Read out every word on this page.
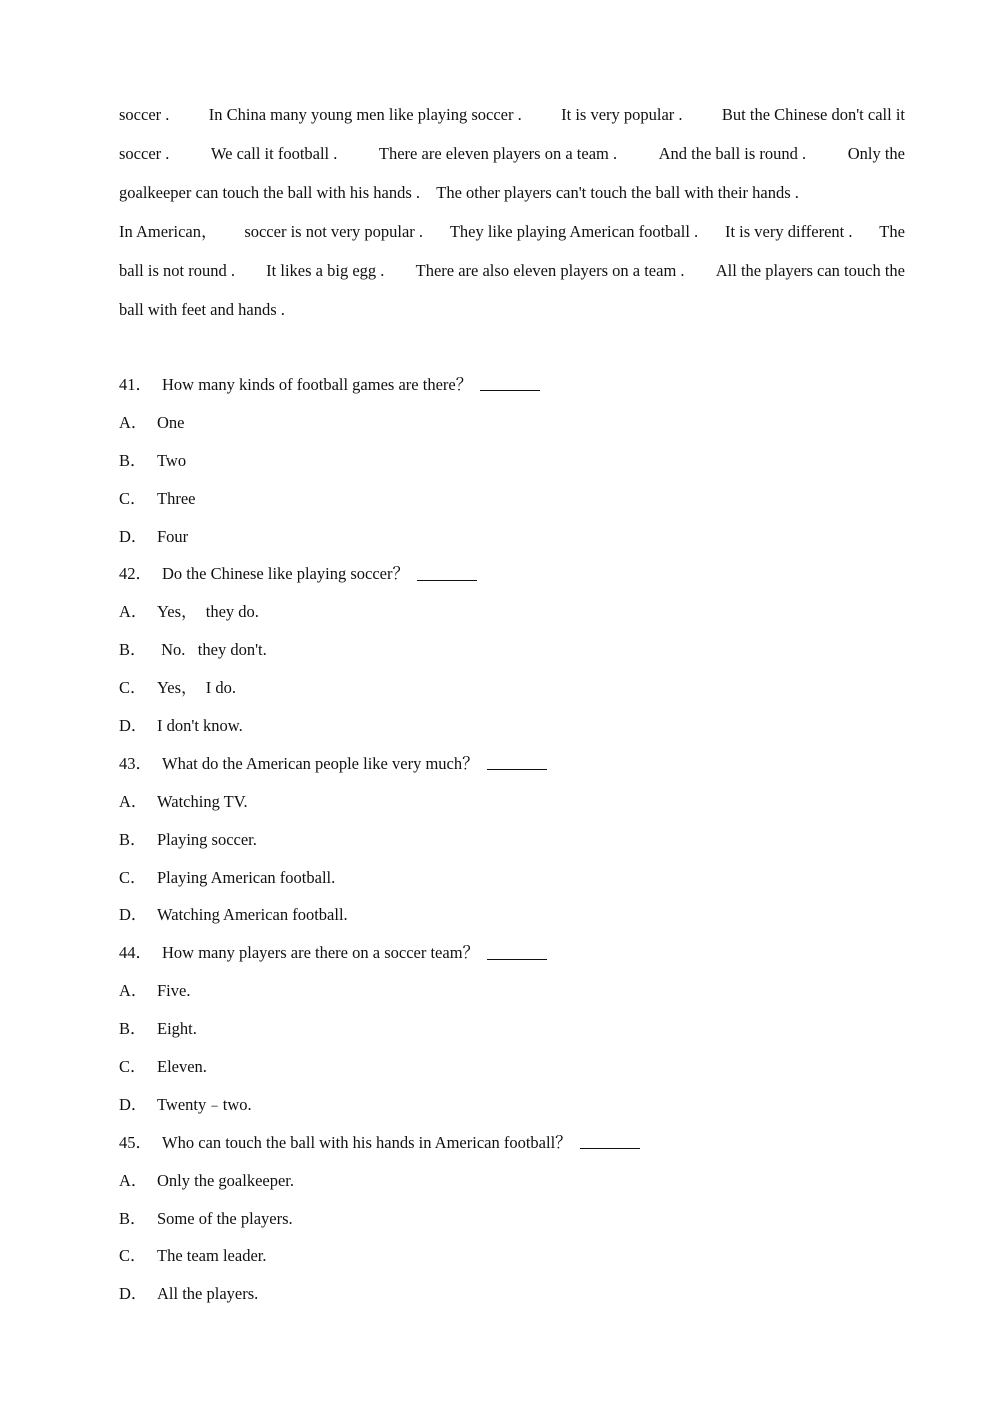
soccer . In China many young men like playing soccer . It is very popular . But the Chinese don't call it
soccer .	We call it football .	There are eleven players on a team .	And the ball is round .	Only the
goalkeeper can touch the ball with his hands .    The other players can't touch the ball with their hands .
In American， soccer is not very popular . They like playing American football . It is very different . The
ball is not round . It likes a big egg . There are also eleven players on a team . All the players can touch the
ball with feet and hands .
41． How many kinds of football games are there？
A． One
B． Two
C． Three
D． Four
42． Do the Chinese like playing soccer？
A． Yes，  they do.
B． No.   they don't.
C． Yes，  I do.
D． I don't know.
43． What do the American people like very much？
A． Watching TV.
B． Playing soccer.
C． Playing American football.
D． Watching American football.
44． How many players are there on a soccer team？
A． Five.
B． Eight.
C． Eleven.
D． Twenty﹣two.
45． Who can touch the ball with his hands in American football？
A． Only the goalkeeper.
B． Some of the players.
C． The team leader.
D． All the players.
